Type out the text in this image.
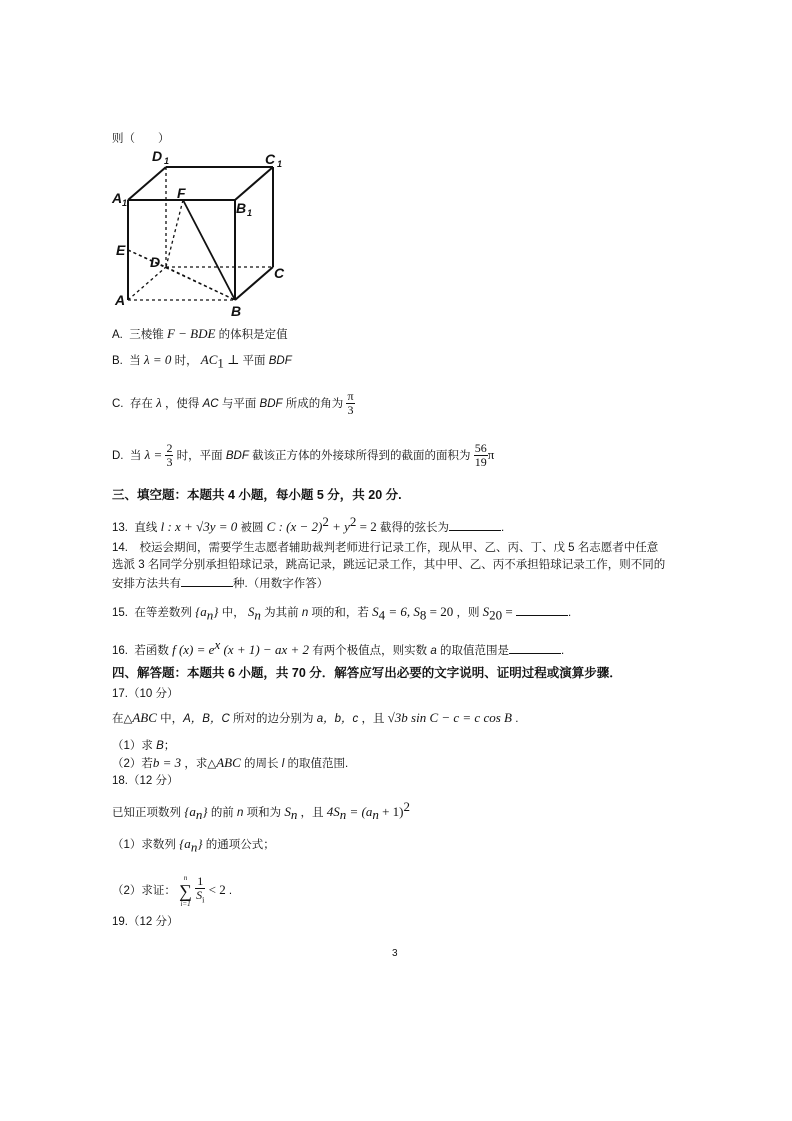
则（　　）
D 1	C 1
A 1	B 1
F
E
D
C
A
B
A. 三棱锥 F − BDE 的体积是定值
B. 当 λ = 0 时， $AC_1$ ⊥ 平面 BDF
C. 存在 λ ，使得 AC 与平面 BDF 所成的角为 $\frac{\pi}{3}$
D. 当 $\lambda = \frac{2}{3}$ 时，平面 BDF 截该正方体的外接球所得到的截面的面积为 $\frac{56}{19}$ π
三、填空题：本题共 4 小题，每小题 5 分，共 20 分.
13. 直线 l : x + √3y = 0 被圆 C : $(x - 2)^2 + y^2 = 2$ 截得的弦长为	.
14.　校运会期间，需要学生志愿者辅助裁判老师进行记录工作，现从甲、乙、丙、丁、戊 5 名志愿者中任意
选派 3 名同学分别承担铅球记录，跳高记录，跳远记录工作，其中甲、乙、丙不承担铅球记录工作，则不同的
安排方法共有	种.（用数字作答）
15. 在等差数列 $\{a_n\}$ 中， $S_n$ 为其前 n 项的和，若 $S_4 = 6$, $S_8 = 20$ ，则 $S_{20}$ =	.
16. 若函数 f $(x) = e^x$ (x + 1) − ax + 2 有两个极值点，则实数 a 的取值范围是	.
四、解答题：本题共 6 小题，共 70 分．解答应写出必要的文字说明、证明过程或演算步骤．
17.（10 分）
在△ABC 中，A，B，C 所对的边分别为 a，b，c ，且 √3b sin C − c = c cos B .
（1）求 B；
（2）若b = 3 ，求△ABC 的周长 l 的取值范围.
18.（12 分）
已知正项数列 $\{a_n\}$ 的前 n 项和为 $S_n$ ，且 $4S_n = (a_n + 1)^2$
（1）求数列 $\{a_n\}$ 的通项公式；
（2）求证：
n
∑
i=1
$\frac{1}{S_i} < 2$ .
19.（12 分）
3
